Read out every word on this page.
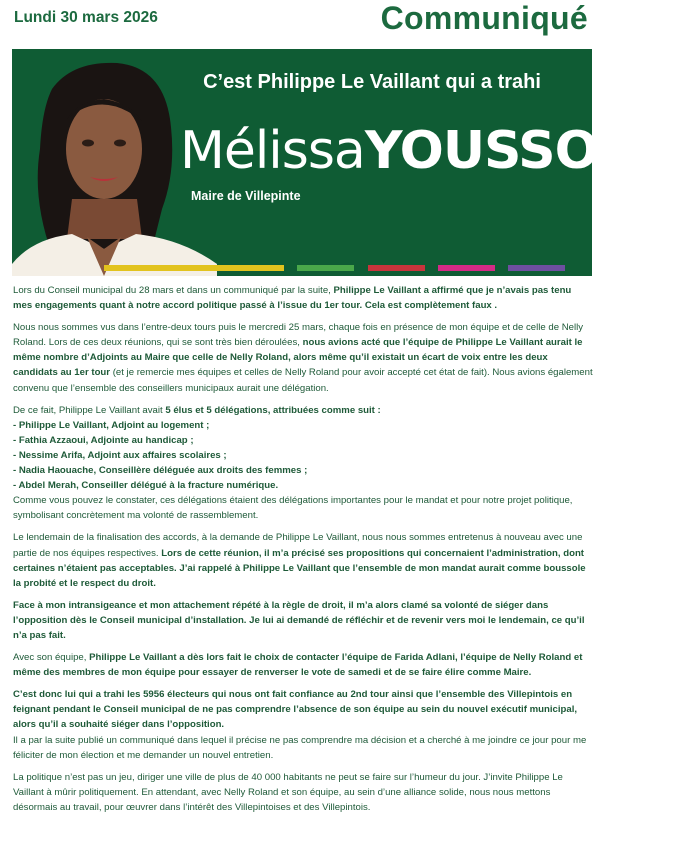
Lundi 30 mars 2026	Communiqué
C’est Philippe Le Vaillant qui a trahi
MélissaYOUSSOUF
Maire de Villepinte

Lors du Conseil municipal du 28 mars et dans un communiqué par la suite, Philippe Le Vaillant a affirmé que je n’avais pas tenu mes engagements quant à notre accord politique passé à l’issue du 1er tour. Cela est complètement faux .

Nous nous sommes vus dans l’entre-deux tours puis le mercredi 25 mars, chaque fois en présence de mon équipe et de celle de Nelly Roland. Lors de ces deux réunions, qui se sont très bien déroulées, nous avions acté que l’équipe de Philippe Le Vaillant aurait le même nombre d’Adjoints au Maire que celle de Nelly Roland, alors même qu’il existait un écart de voix entre les deux candidats au 1er tour (et je remercie mes équipes et celles de Nelly Roland pour avoir accepté cet état de fait). Nous avions également convenu que l’ensemble des conseillers municipaux aurait une délégation.

De ce fait, Philippe Le Vaillant avait 5 élus et 5 délégations, attribuées comme suit :

- Philippe Le Vaillant, Adjoint au logement ;
- Fathia Azzaoui, Adjointe au handicap ;
- Nessime Arifa, Adjoint aux affaires scolaires ;
- Nadia Haouache, Conseillère déléguée aux droits des femmes ;
- Abdel Merah, Conseiller délégué à la fracture numérique.

Comme vous pouvez le constater, ces délégations étaient des délégations importantes pour le mandat et pour notre projet politique, symbolisant concrètement ma volonté de rassemblement.

Le lendemain de la finalisation des accords, à la demande de Philippe Le Vaillant, nous nous sommes entretenus à nouveau avec une partie de nos équipes respectives. Lors de cette réunion, il m’a précisé ses propositions qui concernaient l’administration, dont certaines n’étaient pas acceptables. J’ai rappelé à Philippe Le Vaillant que l’ensemble de mon mandat aurait comme boussole la probité et le respect du droit.

Face à mon intransigeance et mon attachement répété à la règle de droit, il m’a alors clamé sa volonté de siéger dans l’opposition dès le Conseil municipal d’installation. Je lui ai demandé de réfléchir et de revenir vers moi le lendemain, ce qu’il n’a pas fait.

Avec son équipe, Philippe Le Vaillant a dès lors fait le choix de contacter l’équipe de Farida Adlani, l’équipe de Nelly Roland et même des membres de mon équipe pour essayer de renverser le vote de samedi et de se faire élire comme Maire.

C’est donc lui qui a trahi les 5956 électeurs qui nous ont fait confiance au 2nd tour ainsi que l’ensemble des Villepintois en feignant pendant le Conseil municipal de ne pas comprendre l’absence de son équipe au sein du nouvel exécutif municipal, alors qu’il a souhaité siéger dans l’opposition.

Il a par la suite publié un communiqué dans lequel il précise ne pas comprendre ma décision et a cherché à me joindre ce jour pour me féliciter de mon élection et me demander un nouvel entretien.

La politique n’est pas un jeu, diriger une ville de plus de 40 000 habitants ne peut se faire sur l’humeur du jour. J’invite Philippe Le Vaillant à mûrir politiquement. En attendant, avec Nelly Roland et son équipe, au sein d’une alliance solide, nous nous mettons désormais au travail, pour œuvrer dans l’intérêt des Villepintoises et des Villepintois.
